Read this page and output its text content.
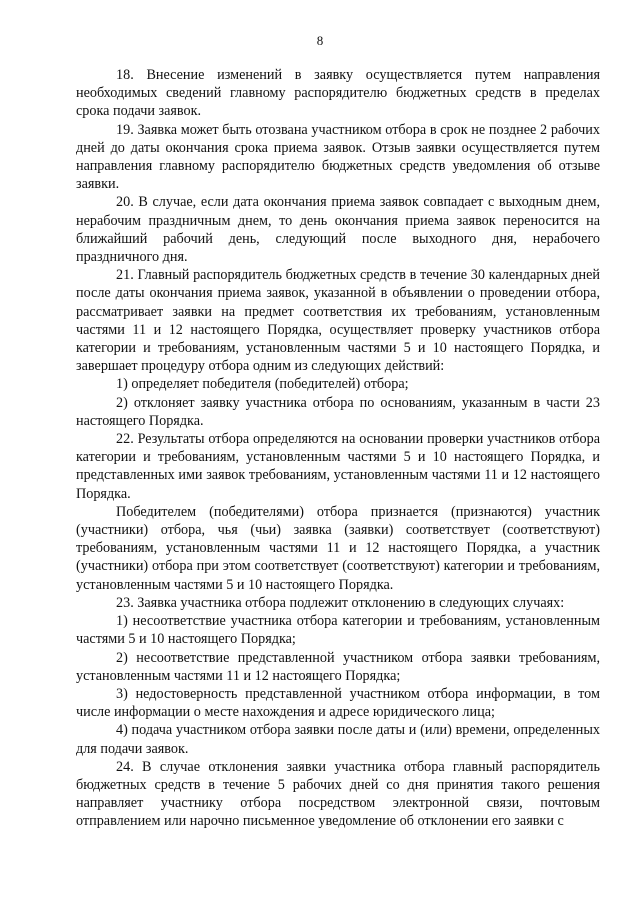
8

18. Внесение изменений в заявку осуществляется путем направления необходимых сведений главному распорядителю бюджетных средств в пределах срока подачи заявок.

19. Заявка может быть отозвана участником отбора в срок не позднее 2 рабочих дней до даты окончания срока приема заявок. Отзыв заявки осуществляется путем направления главному распорядителю бюджетных средств уведомления об отзыве заявки.

20. В случае, если дата окончания приема заявок совпадает с выходным днем, нерабочим праздничным днем, то день окончания приема заявок переносится на ближайший рабочий день, следующий после выходного дня, нерабочего праздничного дня.

21. Главный распорядитель бюджетных средств в течение 30 календарных дней после даты окончания приема заявок, указанной в объявлении о проведении отбора, рассматривает заявки на предмет соответствия их требованиям, установленным частями 11 и 12 настоящего Порядка, осуществляет проверку участников отбора категории и требованиям, установленным частями 5 и 10 настоящего Порядка, и завершает процедуру отбора одним из следующих действий:

1) определяет победителя (победителей) отбора;

2) отклоняет заявку участника отбора по основаниям, указанным в части 23 настоящего Порядка.

22. Результаты отбора определяются на основании проверки участников отбора категории и требованиям, установленным частями 5 и 10 настоящего Порядка, и представленных ими заявок требованиям, установленным частями 11 и 12 настоящего Порядка.

Победителем (победителями) отбора признается (признаются) участник (участники) отбора, чья (чьи) заявка (заявки) соответствует (соответствуют) требованиям, установленным частями 11 и 12 настоящего Порядка, а участник (участники) отбора при этом соответствует (соответствуют) категории и требованиям, установленным частями 5 и 10 настоящего Порядка.

23. Заявка участника отбора подлежит отклонению в следующих случаях:

1) несоответствие участника отбора категории и требованиям, установленным частями 5 и 10 настоящего Порядка;

2) несоответствие представленной участником отбора заявки требованиям, установленным частями 11 и 12 настоящего Порядка;

3) недостоверность представленной участником отбора информации, в том числе информации о месте нахождения и адресе юридического лица;

4) подача участником отбора заявки после даты и (или) времени, определенных для подачи заявок.

24. В случае отклонения заявки участника отбора главный распорядитель бюджетных средств в течение 5 рабочих дней со дня принятия такого решения направляет участнику отбора посредством электронной связи, почтовым отправлением или нарочно письменное уведомление об отклонении его заявки с
